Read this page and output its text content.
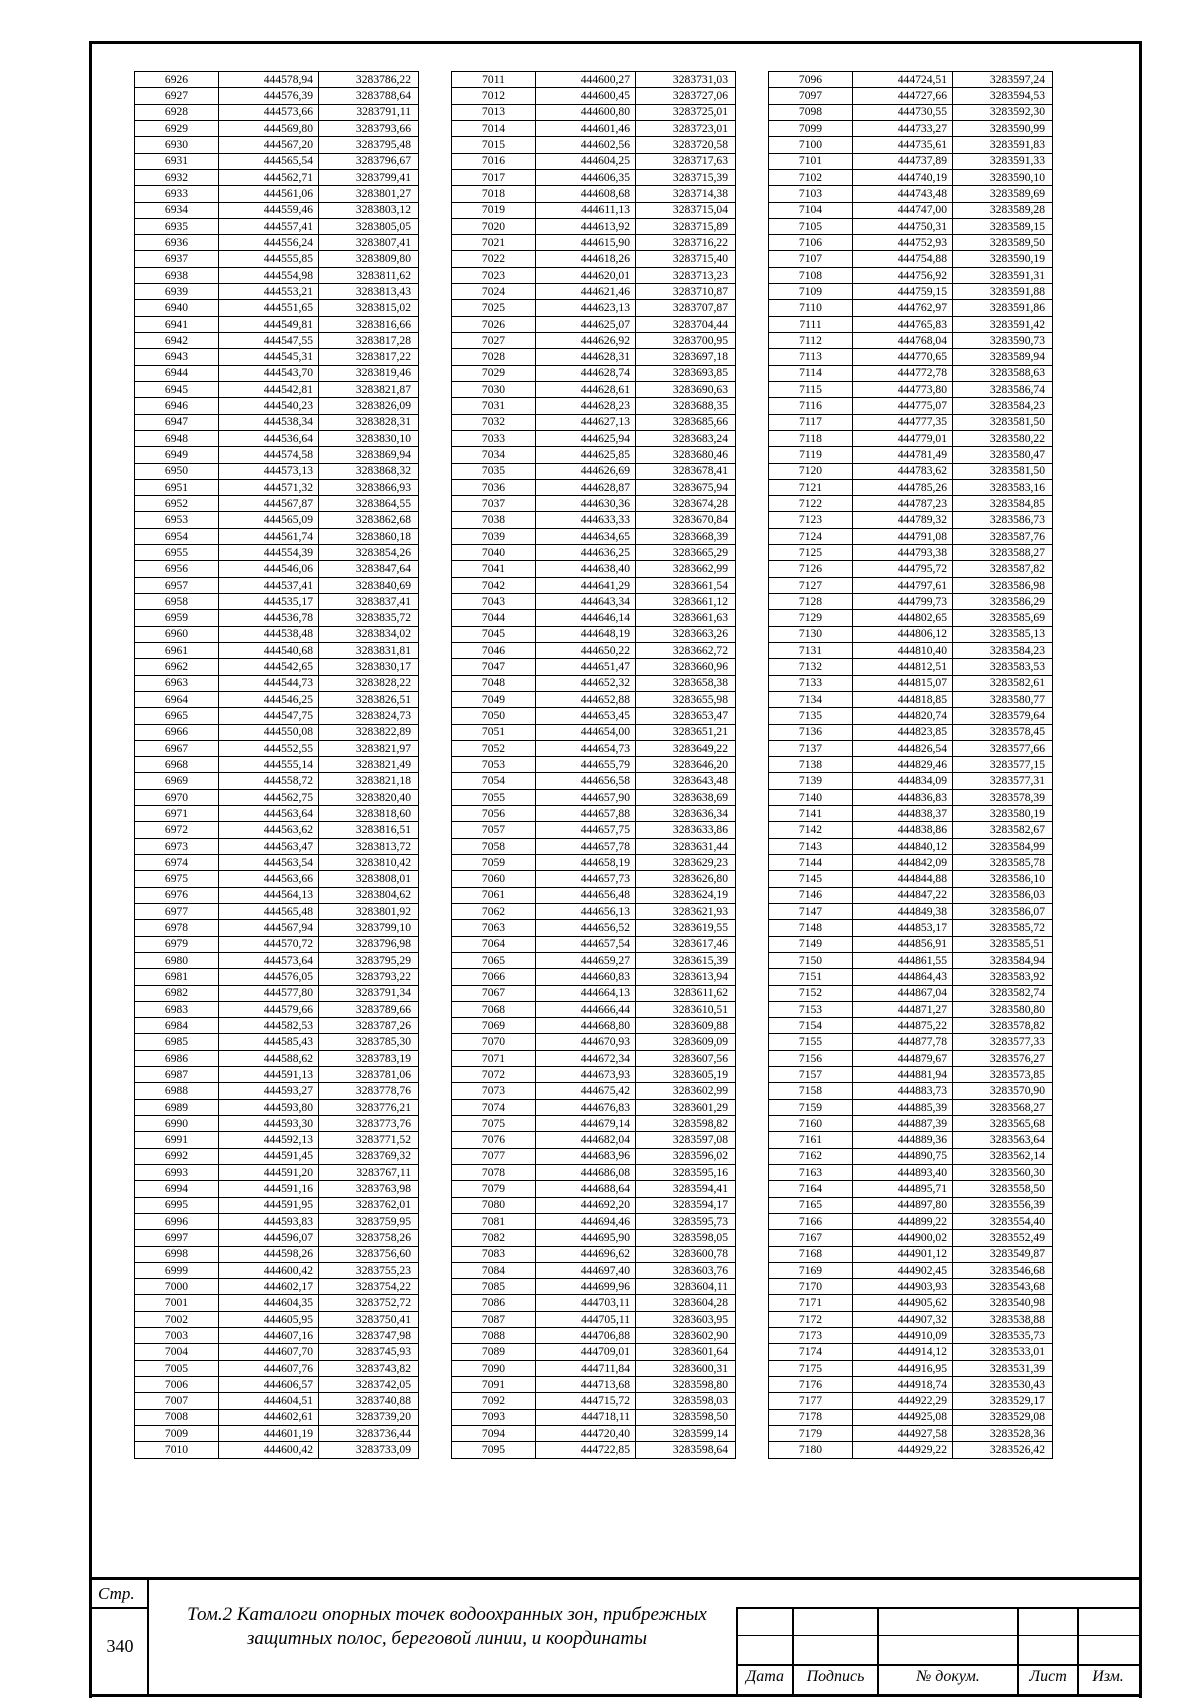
6926	444578,94	3283786,22
6927	444576,39	3283788,64
6928	444573,66	3283791,11
6929	444569,80	3283793,66
6930	444567,20	3283795,48
6931	444565,54	3283796,67
6932	444562,71	3283799,41
6933	444561,06	3283801,27
6934	444559,46	3283803,12
6935	444557,41	3283805,05
6936	444556,24	3283807,41
6937	444555,85	3283809,80
6938	444554,98	3283811,62
6939	444553,21	3283813,43
6940	444551,65	3283815,02
6941	444549,81	3283816,66
6942	444547,55	3283817,28
6943	444545,31	3283817,22
6944	444543,70	3283819,46
6945	444542,81	3283821,87
6946	444540,23	3283826,09
6947	444538,34	3283828,31
6948	444536,64	3283830,10
6949	444574,58	3283869,94
6950	444573,13	3283868,32
6951	444571,32	3283866,93
6952	444567,87	3283864,55
6953	444565,09	3283862,68
6954	444561,74	3283860,18
6955	444554,39	3283854,26
6956	444546,06	3283847,64
6957	444537,41	3283840,69
6958	444535,17	3283837,41
6959	444536,78	3283835,72
6960	444538,48	3283834,02
6961	444540,68	3283831,81
6962	444542,65	3283830,17
6963	444544,73	3283828,22
6964	444546,25	3283826,51
6965	444547,75	3283824,73
6966	444550,08	3283822,89
6967	444552,55	3283821,97
6968	444555,14	3283821,49
6969	444558,72	3283821,18
6970	444562,75	3283820,40
6971	444563,64	3283818,60
6972	444563,62	3283816,51
6973	444563,47	3283813,72
6974	444563,54	3283810,42
6975	444563,66	3283808,01
6976	444564,13	3283804,62
6977	444565,48	3283801,92
6978	444567,94	3283799,10
6979	444570,72	3283796,98
6980	444573,64	3283795,29
6981	444576,05	3283793,22
6982	444577,80	3283791,34
6983	444579,66	3283789,66
6984	444582,53	3283787,26
6985	444585,43	3283785,30
6986	444588,62	3283783,19
6987	444591,13	3283781,06
6988	444593,27	3283778,76
6989	444593,80	3283776,21
6990	444593,30	3283773,76
6991	444592,13	3283771,52
6992	444591,45	3283769,32
6993	444591,20	3283767,11
6994	444591,16	3283763,98
6995	444591,95	3283762,01
6996	444593,83	3283759,95
6997	444596,07	3283758,26
6998	444598,26	3283756,60
6999	444600,42	3283755,23
7000	444602,17	3283754,22
7001	444604,35	3283752,72
7002	444605,95	3283750,41
7003	444607,16	3283747,98
7004	444607,70	3283745,93
7005	444607,76	3283743,82
7006	444606,57	3283742,05
7007	444604,51	3283740,88
7008	444602,61	3283739,20
7009	444601,19	3283736,44
7010	444600,42	3283733,09
7011	444600,27	3283731,03
7012	444600,45	3283727,06
7013	444600,80	3283725,01
7014	444601,46	3283723,01
7015	444602,56	3283720,58
7016	444604,25	3283717,63
7017	444606,35	3283715,39
7018	444608,68	3283714,38
7019	444611,13	3283715,04
7020	444613,92	3283715,89
7021	444615,90	3283716,22
7022	444618,26	3283715,40
7023	444620,01	3283713,23
7024	444621,46	3283710,87
7025	444623,13	3283707,87
7026	444625,07	3283704,44
7027	444626,92	3283700,95
7028	444628,31	3283697,18
7029	444628,74	3283693,85
7030	444628,61	3283690,63
7031	444628,23	3283688,35
7032	444627,13	3283685,66
7033	444625,94	3283683,24
7034	444625,85	3283680,46
7035	444626,69	3283678,41
7036	444628,87	3283675,94
7037	444630,36	3283674,28
7038	444633,33	3283670,84
7039	444634,65	3283668,39
7040	444636,25	3283665,29
7041	444638,40	3283662,99
7042	444641,29	3283661,54
7043	444643,34	3283661,12
7044	444646,14	3283661,63
7045	444648,19	3283663,26
7046	444650,22	3283662,72
7047	444651,47	3283660,96
7048	444652,32	3283658,38
7049	444652,88	3283655,98
7050	444653,45	3283653,47
7051	444654,00	3283651,21
7052	444654,73	3283649,22
7053	444655,79	3283646,20
7054	444656,58	3283643,48
7055	444657,90	3283638,69
7056	444657,88	3283636,34
7057	444657,75	3283633,86
7058	444657,78	3283631,44
7059	444658,19	3283629,23
7060	444657,73	3283626,80
7061	444656,48	3283624,19
7062	444656,13	3283621,93
7063	444656,52	3283619,55
7064	444657,54	3283617,46
7065	444659,27	3283615,39
7066	444660,83	3283613,94
7067	444664,13	3283611,62
7068	444666,44	3283610,51
7069	444668,80	3283609,88
7070	444670,93	3283609,09
7071	444672,34	3283607,56
7072	444673,93	3283605,19
7073	444675,42	3283602,99
7074	444676,83	3283601,29
7075	444679,14	3283598,82
7076	444682,04	3283597,08
7077	444683,96	3283596,02
7078	444686,08	3283595,16
7079	444688,64	3283594,41
7080	444692,20	3283594,17
7081	444694,46	3283595,73
7082	444695,90	3283598,05
7083	444696,62	3283600,78
7084	444697,40	3283603,76
7085	444699,96	3283604,11
7086	444703,11	3283604,28
7087	444705,11	3283603,95
7088	444706,88	3283602,90
7089	444709,01	3283601,64
7090	444711,84	3283600,31
7091	444713,68	3283598,80
7092	444715,72	3283598,03
7093	444718,11	3283598,50
7094	444720,40	3283599,14
7095	444722,85	3283598,64
7096	444724,51	3283597,24
7097	444727,66	3283594,53
7098	444730,55	3283592,30
7099	444733,27	3283590,99
7100	444735,61	3283591,83
7101	444737,89	3283591,33
7102	444740,19	3283590,10
7103	444743,48	3283589,69
7104	444747,00	3283589,28
7105	444750,31	3283589,15
7106	444752,93	3283589,50
7107	444754,88	3283590,19
7108	444756,92	3283591,31
7109	444759,15	3283591,88
7110	444762,97	3283591,86
7111	444765,83	3283591,42
7112	444768,04	3283590,73
7113	444770,65	3283589,94
7114	444772,78	3283588,63
7115	444773,80	3283586,74
7116	444775,07	3283584,23
7117	444777,35	3283581,50
7118	444779,01	3283580,22
7119	444781,49	3283580,47
7120	444783,62	3283581,50
7121	444785,26	3283583,16
7122	444787,23	3283584,85
7123	444789,32	3283586,73
7124	444791,08	3283587,76
7125	444793,38	3283588,27
7126	444795,72	3283587,82
7127	444797,61	3283586,98
7128	444799,73	3283586,29
7129	444802,65	3283585,69
7130	444806,12	3283585,13
7131	444810,40	3283584,23
7132	444812,51	3283583,53
7133	444815,07	3283582,61
7134	444818,85	3283580,77
7135	444820,74	3283579,64
7136	444823,85	3283578,45
7137	444826,54	3283577,66
7138	444829,46	3283577,15
7139	444834,09	3283577,31
7140	444836,83	3283578,39
7141	444838,37	3283580,19
7142	444838,86	3283582,67
7143	444840,12	3283584,99
7144	444842,09	3283585,78
7145	444844,88	3283586,10
7146	444847,22	3283586,03
7147	444849,38	3283586,07
7148	444853,17	3283585,72
7149	444856,91	3283585,51
7150	444861,55	3283584,94
7151	444864,43	3283583,92
7152	444867,04	3283582,74
7153	444871,27	3283580,80
7154	444875,22	3283578,82
7155	444877,78	3283577,33
7156	444879,67	3283576,27
7157	444881,94	3283573,85
7158	444883,73	3283570,90
7159	444885,39	3283568,27
7160	444887,39	3283565,68
7161	444889,36	3283563,64
7162	444890,75	3283562,14
7163	444893,40	3283560,30
7164	444895,71	3283558,50
7165	444897,80	3283556,39
7166	444899,22	3283554,40
7167	444900,02	3283552,49
7168	444901,12	3283549,87
7169	444902,45	3283546,68
7170	444903,93	3283543,68
7171	444905,62	3283540,98
7172	444907,32	3283538,88
7173	444910,09	3283535,73
7174	444914,12	3283533,01
7175	444916,95	3283531,39
7176	444918,74	3283530,43
7177	444922,29	3283529,17
7178	444925,08	3283529,08
7179	444927,58	3283528,36
7180	444929,22	3283526,42
Стр.
340
Том.2 Каталоги опорных точек водоохранных зон, прибрежных
защитных полос, береговой линии, и координаты
Дата	Подпись	№ докум.	Лист	Изм.
